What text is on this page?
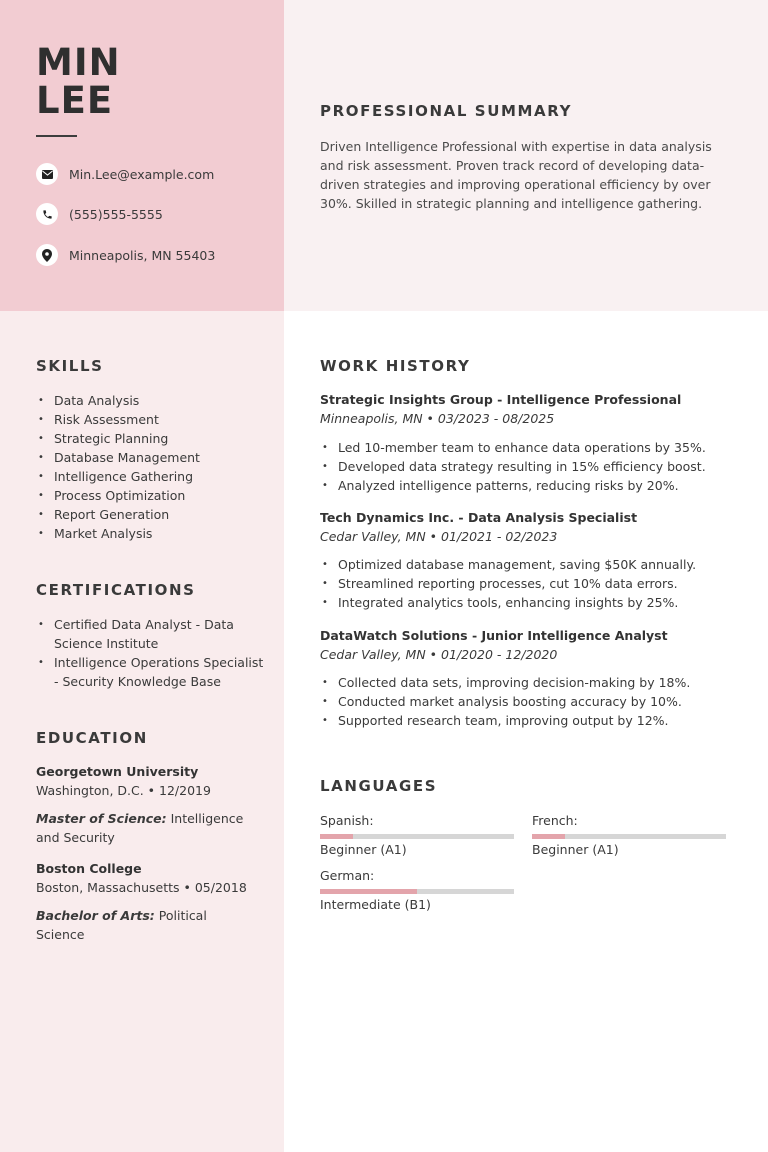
MIN
LEE
Min.Lee@example.com
(555)555-5555
Minneapolis, MN 55403
PROFESSIONAL SUMMARY

Driven Intelligence Professional with expertise in data analysis and risk assessment. Proven track record of developing data-driven strategies and improving operational efficiency by over 30%. Skilled in strategic planning and intelligence gathering.

SKILLS
• Data Analysis
• Risk Assessment
• Strategic Planning
• Database Management
• Intelligence Gathering
• Process Optimization
• Report Generation
• Market Analysis
CERTIFICATIONS
• Certified Data Analyst - Data Science Institute
• Intelligence Operations Specialist - Security Knowledge Base
EDUCATION
Georgetown University
Washington, D.C. • 12/2019
Master of Science: Intelligence and Security
Boston College
Boston, Massachusetts • 05/2018
Bachelor of Arts: Political Science
WORK HISTORY
Strategic Insights Group - Intelligence Professional
Minneapolis, MN • 03/2023 - 08/2025
• Led 10-member team to enhance data operations by 35%.
• Developed data strategy resulting in 15% efficiency boost.
• Analyzed intelligence patterns, reducing risks by 20%.
Tech Dynamics Inc. - Data Analysis Specialist
Cedar Valley, MN • 01/2021 - 02/2023
• Optimized database management, saving $50K annually.
• Streamlined reporting processes, cut 10% data errors.
• Integrated analytics tools, enhancing insights by 25%.
DataWatch Solutions - Junior Intelligence Analyst
Cedar Valley, MN • 01/2020 - 12/2020
• Collected data sets, improving decision-making by 18%.
• Conducted market analysis boosting accuracy by 10%.
• Supported research team, improving output by 12%.
LANGUAGES
Spanish:
Beginner (A1)
French:
Beginner (A1)
German:
Intermediate (B1)
